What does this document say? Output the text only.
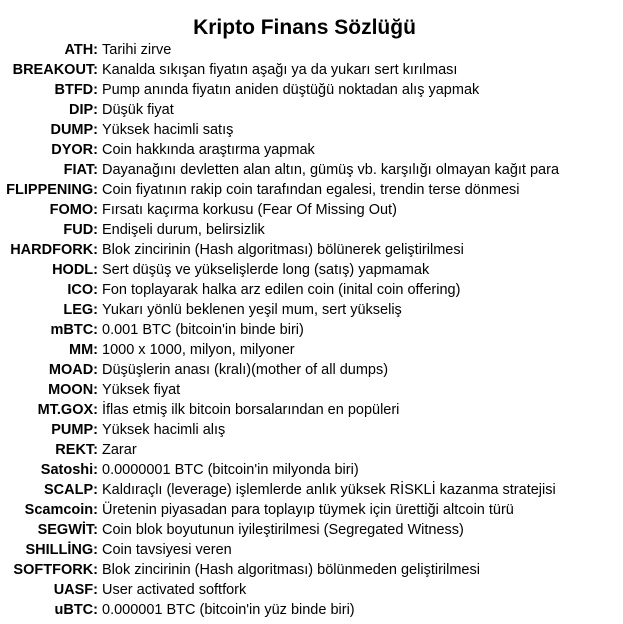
Kripto Finans Sözlüğü
ATH: Tarihi zirve
BREAKOUT: Kanalda sıkışan fiyatın aşağı ya da yukarı sert kırılması
BTFD: Pump anında fiyatın aniden düştüğü noktadan alış yapmak
DIP: Düşük fiyat
DUMP: Yüksek hacimli satış
DYOR: Coin hakkında araştırma yapmak
FIAT: Dayanağını devletten alan altın, gümüş vb. karşılığı olmayan kağıt para
FLIPPENING: Coin fiyatının rakip coin tarafından egalesi, trendin terse dönmesi
FOMO: Fırsatı kaçırma korkusu (Fear Of Missing Out)
FUD: Endişeli durum, belirsizlik
HARDFORK: Blok zincirinin (Hash algoritması) bölünerek geliştirilmesi
HODL: Sert düşüş ve yükselişlerde long (satış) yapmamak
ICO: Fon toplayarak halka arz edilen coin (inital coin offering)
LEG: Yukarı yönlü beklenen yeşil mum, sert yükseliş
mBTC: 0.001 BTC (bitcoin'in binde biri)
MM: 1000 x 1000, milyon, milyoner
MOAD: Düşüşlerin anası (kralı)(mother of all dumps)
MOON: Yüksek fiyat
MT.GOX: İflas etmiş ilk bitcoin borsalarından en popüleri
PUMP: Yüksek hacimli alış
REKT: Zarar
Satoshi: 0.0000001 BTC (bitcoin'in milyonda biri)
SCALP: Kaldıraçlı (leverage) işlemlerde anlık yüksek RİSKLİ kazanma stratejisi
Scamcoin: Üretenin piyasadan para toplayıp tüymek için ürettiği altcoin türü
SEGWİT: Coin blok boyutunun iyileştirilmesi (Segregated Witness)
SHILLİNG: Coin tavsiyesi veren
SOFTFORK: Blok zincirinin (Hash algoritması) bölünmeden geliştirilmesi
UASF: User activated softfork
uBTC: 0.000001 BTC (bitcoin'in yüz binde biri)
